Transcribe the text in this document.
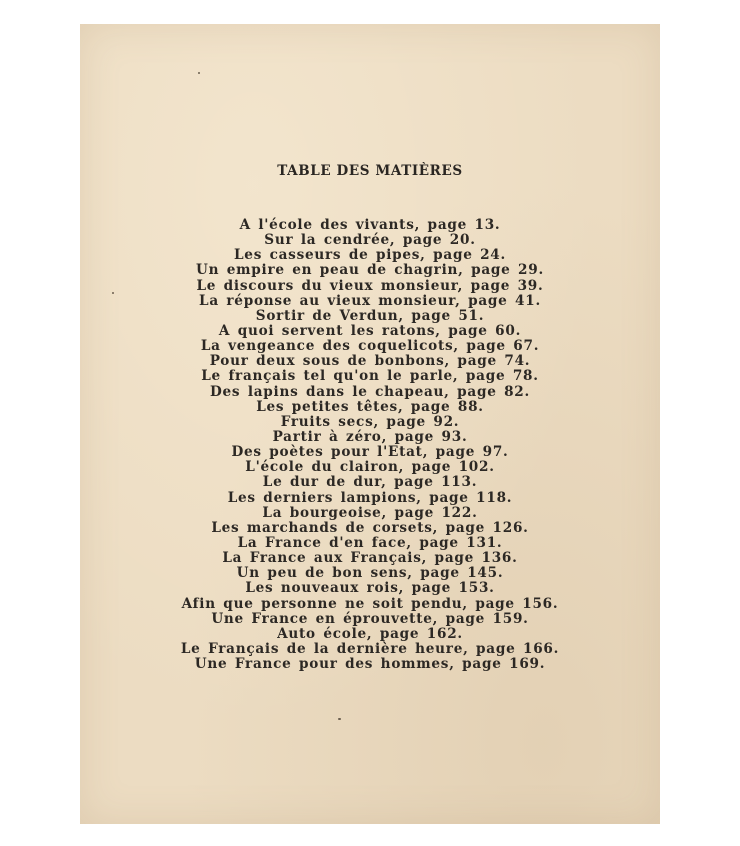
TABLE DES MATIÈRES
A l'école des vivants, page 13.
Sur la cendrée, page 20.
Les casseurs de pipes, page 24.
Un empire en peau de chagrin, page 29.
Le discours du vieux monsieur, page 39.
La réponse au vieux monsieur, page 41.
Sortir de Verdun, page 51.
A quoi servent les ratons, page 60.
La vengeance des coquelicots, page 67.
Pour deux sous de bonbons, page 74.
Le français tel qu'on le parle, page 78.
Des lapins dans le chapeau, page 82.
Les petites têtes, page 88.
Fruits secs, page 92.
Partir à zéro, page 93.
Des poètes pour l'Etat, page 97.
L'école du clairon, page 102.
Le dur de dur, page 113.
Les derniers lampions, page 118.
La bourgeoise, page 122.
Les marchands de corsets, page 126.
La France d'en face, page 131.
La France aux Français, page 136.
Un peu de bon sens, page 145.
Les nouveaux rois, page 153.
Afin que personne ne soit pendu, page 156.
Une France en éprouvette, page 159.
Auto école, page 162.
Le Français de la dernière heure, page 166.
Une France pour des hommes, page 169.
